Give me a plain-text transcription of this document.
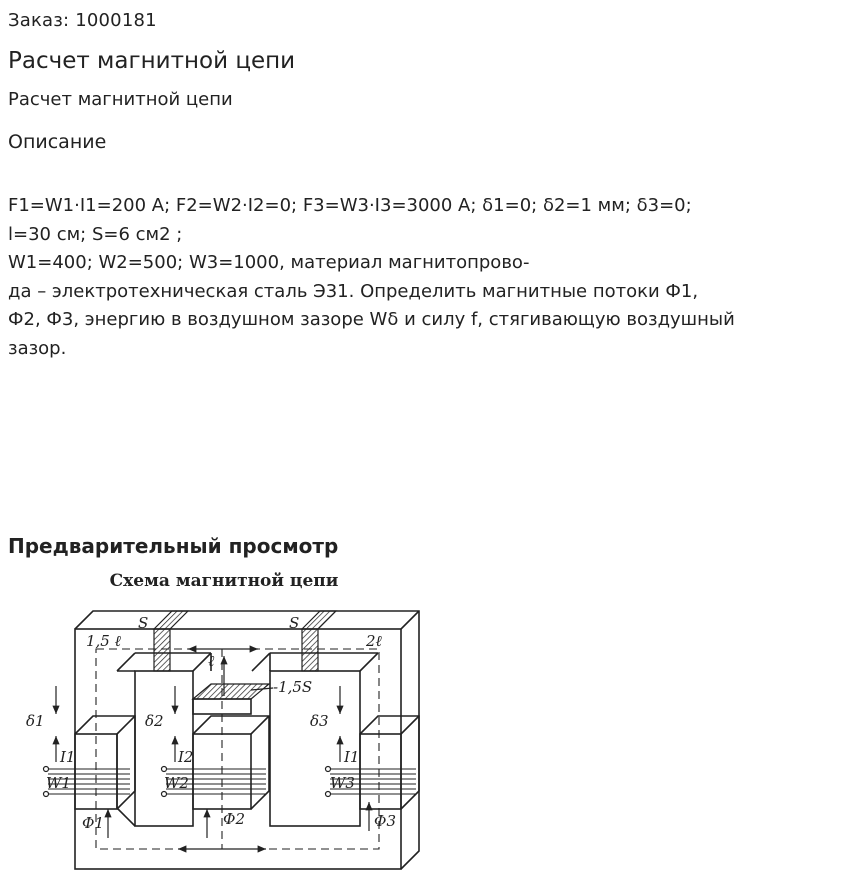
Заказ: 1000181
Расчет магнитной цепи
Расчет магнитной цепи
Описание
F1=W1·I1=200 A; F2=W2·I2=0; F3=W3·I3=3000 A; δ1=0; δ2=1 мм; δ3=0;
l=30 см; S=6 см2 ;
W1=400; W2=500; W3=1000, материал магнитопрово-
да – электротехническая сталь Э31. Определить магнитные потоки Ф1,
Ф2, Ф3, энергию в воздушном зазоре Wδ и силу f, стягивающую воздушный
зазор.
Предварительный просмотр
Схема магнитной цепи
S	S
1,5 ℓ	2ℓ
ℓ
-1,5S
δ1	δ2	δ3
I1	I2	I1
W1	W2	W3
Ф1	Ф2	Ф3
